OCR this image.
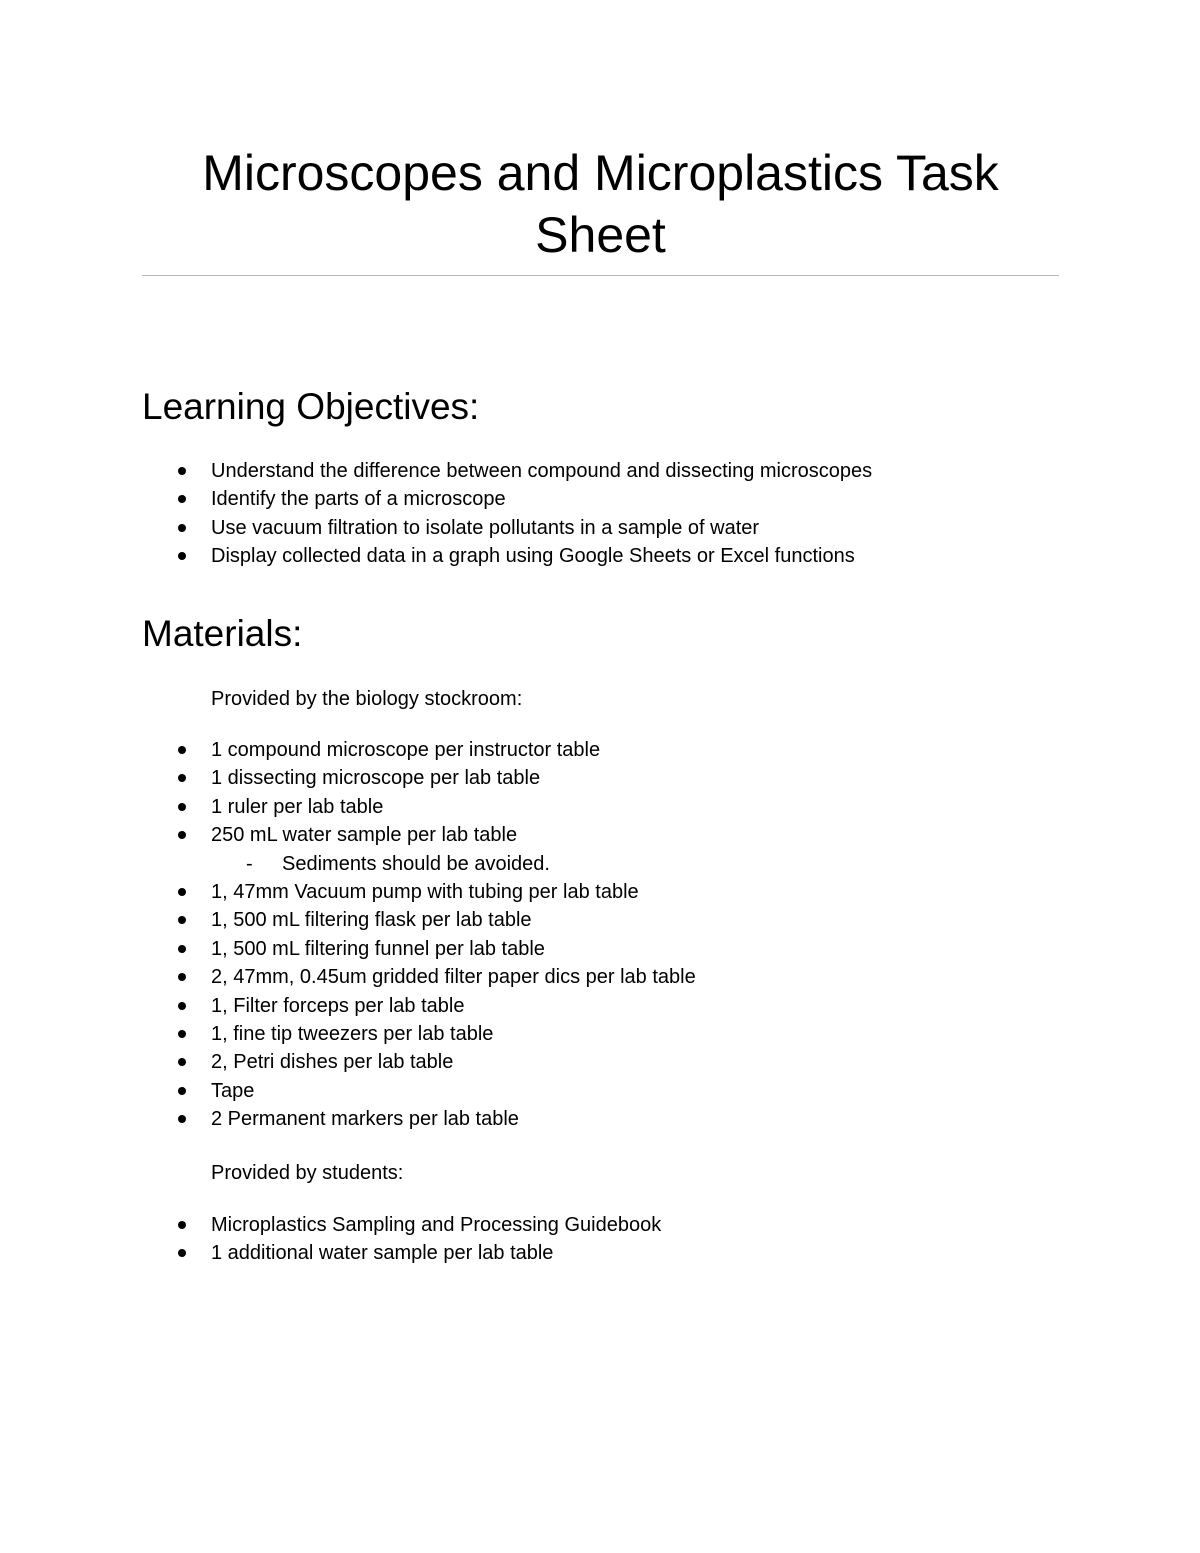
Microscopes and Microplastics Task Sheet
Learning Objectives:
Understand the difference between compound and dissecting microscopes
Identify the parts of a microscope
Use vacuum filtration to isolate pollutants in a sample of water
Display collected data in a graph using Google Sheets or Excel functions
Materials:

Provided by the biology stockroom:

1 compound microscope per instructor table
1 dissecting microscope per lab table
1 ruler per lab table
250 mL water sample per lab table
- Sediments should be avoided.
1, 47mm Vacuum pump with tubing per lab table
1, 500 mL filtering flask per lab table
1, 500 mL filtering funnel per lab table
2, 47mm, 0.45um gridded filter paper dics per lab table
1, Filter forceps per lab table
1, fine tip tweezers per lab table
2, Petri dishes per lab table
Tape
2 Permanent markers per lab table

Provided by students:

Microplastics Sampling and Processing Guidebook
1 additional water sample per lab table
